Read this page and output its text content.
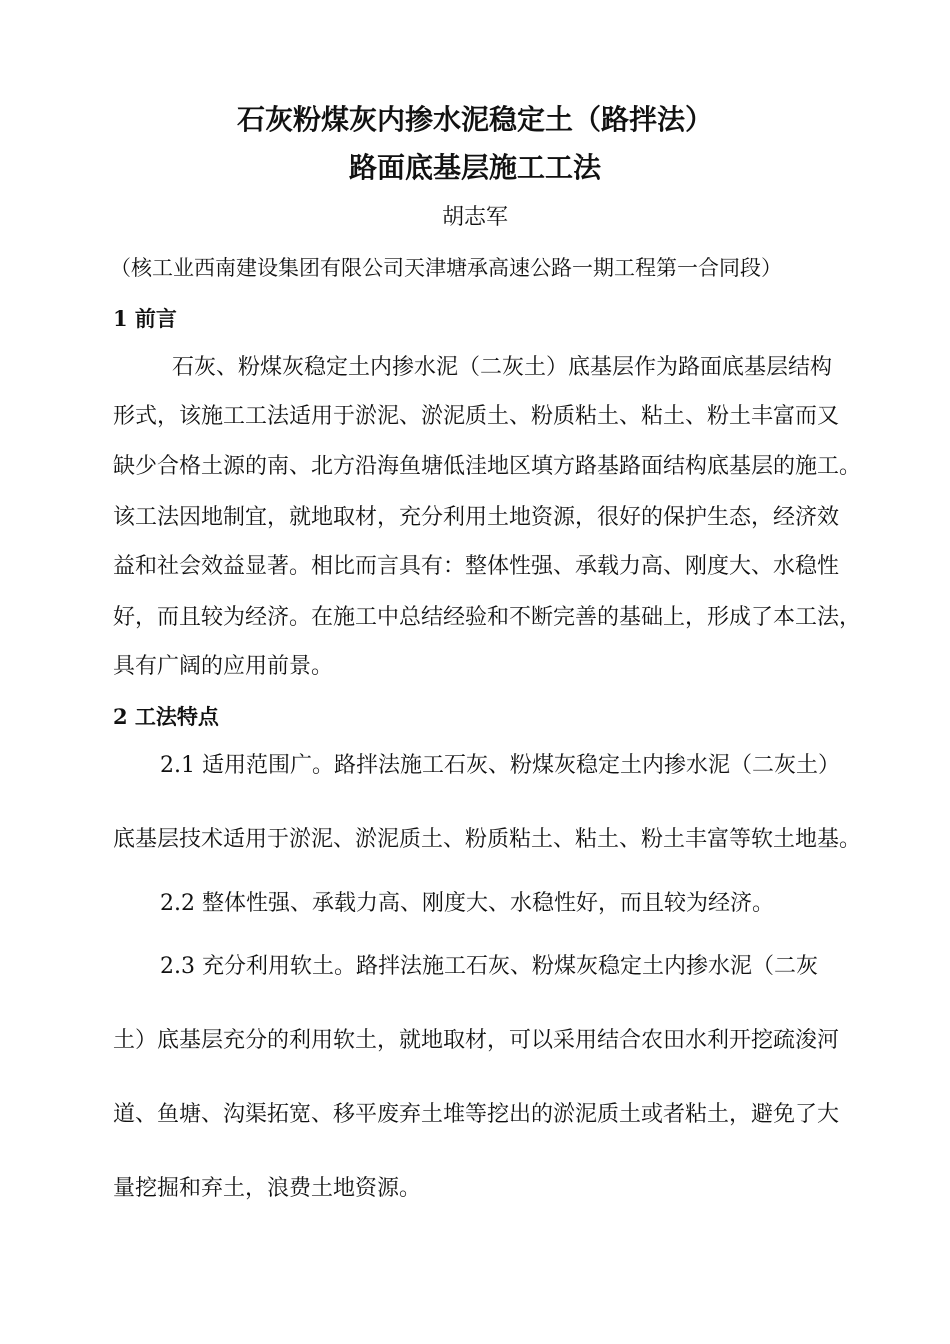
石灰粉煤灰内掺水泥稳定土（路拌法）
路面底基层施工工法
胡志军
（核工业西南建设集团有限公司天津塘承高速公路一期工程第一合同段）
1 前言
石灰、粉煤灰稳定土内掺水泥（二灰土）底基层作为路面底基层结构
形式，该施工工法适用于淤泥、淤泥质土、粉质粘土、粘土、粉土丰富而又
缺少合格土源的南、北方沿海鱼塘低洼地区填方路基路面结构底基层的施工。
该工法因地制宜，就地取材，充分利用土地资源，很好的保护生态，经济效
益和社会效益显著。相比而言具有：整体性强、承载力高、刚度大、水稳性
好，而且较为经济。在施工中总结经验和不断完善的基础上，形成了本工法，
具有广阔的应用前景。
2 工法特点
2.1 适用范围广。路拌法施工石灰、粉煤灰稳定土内掺水泥（二灰土）
底基层技术适用于淤泥、淤泥质土、粉质粘土、粘土、粉土丰富等软土地基。
2.2 整体性强、承载力高、刚度大、水稳性好，而且较为经济。
2.3 充分利用软土。路拌法施工石灰、粉煤灰稳定土内掺水泥（二灰
土）底基层充分的利用软土，就地取材，可以采用结合农田水利开挖疏浚河
道、鱼塘、沟渠拓宽、移平废弃土堆等挖出的淤泥质土或者粘土，避免了大
量挖掘和弃土，浪费土地资源。
